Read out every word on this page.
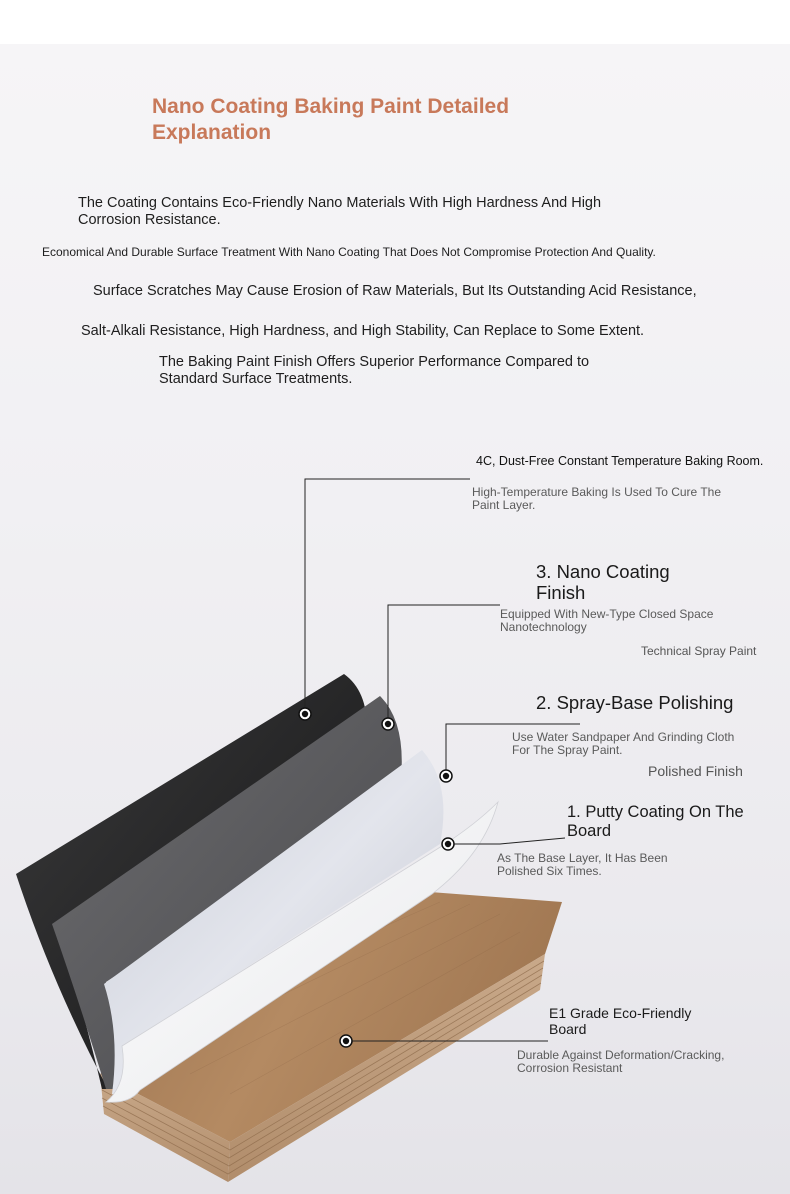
Nano Coating Baking Paint Detailed Explanation

The Coating Contains Eco-Friendly Nano Materials With High Hardness And High Corrosion Resistance.

Economical And Durable Surface Treatment With Nano Coating That Does Not Compromise Protection And Quality.

Surface Scratches May Cause Erosion of Raw Materials, But Its Outstanding Acid Resistance,

Salt-Alkali Resistance, High Hardness, and High Stability, Can Replace to Some Extent.

The Baking Paint Finish Offers Superior Performance Compared to Standard Surface Treatments.

4C, Dust-Free Constant Temperature Baking Room.

High-Temperature Baking Is Used To Cure The Paint Layer.

3. Nano Coating Finish

Equipped With New-Type Closed Space Nanotechnology

Technical Spray Paint

2. Spray-Base Polishing

Use Water Sandpaper And Grinding Cloth For The Spray Paint.

Polished Finish

1. Putty Coating On The Board

As The Base Layer, It Has Been Polished Six Times.

E1 Grade Eco-Friendly Board

Durable Against Deformation/Cracking, Corrosion Resistant
